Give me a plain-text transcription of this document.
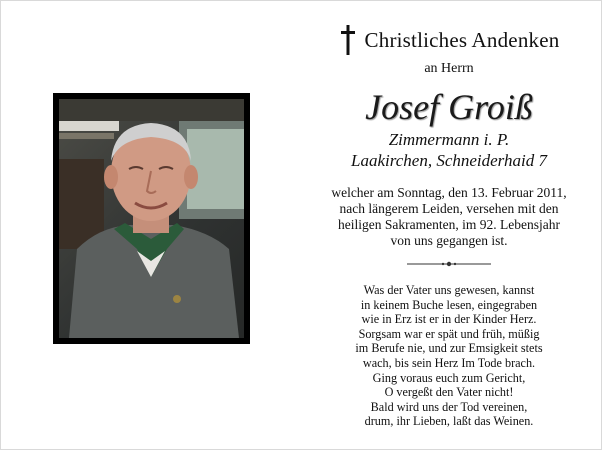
Christliches Andenken
an Herrn
Josef Groiß
Zimmermann i. P.
Laakirchen, Schneiderhaid 7
welcher am Sonntag, den 13. Februar 2011,
nach längerem Leiden, versehen mit den
heiligen Sakramenten, im 92. Lebensjahr
von uns gegangen ist.
Was der Vater uns gewesen, kannst
in keinem Buche lesen, eingegraben
wie in Erz ist er in der Kinder Herz.
Sorgsam war er spät und früh, müßig
im Berufe nie, und zur Emsigkeit stets
wach, bis sein Herz Im Tode brach.
Ging voraus euch zum Gericht,
O vergeßt den Vater nicht!
Bald wird uns der Tod vereinen,
drum, ihr Lieben, laßt das Weinen.
